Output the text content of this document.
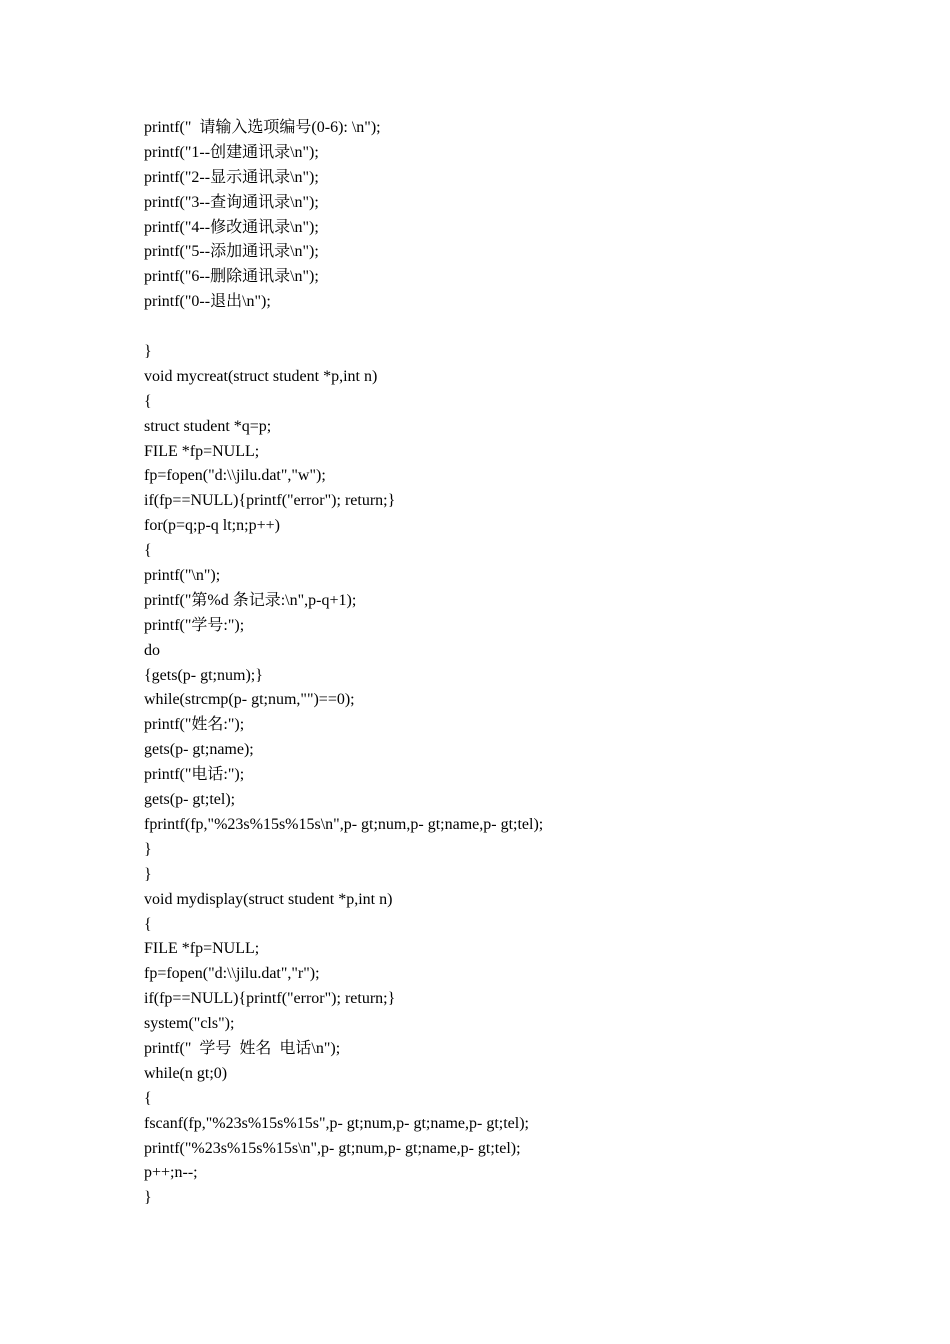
printf("  请输入选项编号(0-6): \n");
printf("1--创建通讯录\n");
printf("2--显示通讯录\n");
printf("3--查询通讯录\n");
printf("4--修改通讯录\n");
printf("5--添加通讯录\n");
printf("6--删除通讯录\n");
printf("0--退出\n");
}
void mycreat(struct student *p,int n)
{
struct student *q=p;
FILE *fp=NULL;
fp=fopen("d:\\jilu.dat","w");
if(fp==NULL){printf("error"); return;}
for(p=q;p-q lt;n;p++)
{
printf("\n");
printf("第%d 条记录:\n",p-q+1);
printf("学号:");
do
{gets(p- gt;num);}
while(strcmp(p- gt;num,"")==0);
printf("姓名:");
gets(p- gt;name);
printf("电话:");
gets(p- gt;tel);
fprintf(fp,"%23s%15s%15s\n",p- gt;num,p- gt;name,p- gt;tel);
}
}
void mydisplay(struct student *p,int n)
{
FILE *fp=NULL;
fp=fopen("d:\\jilu.dat","r");
if(fp==NULL){printf("error"); return;}
system("cls");
printf("  学号  姓名  电话\n");
while(n gt;0)
{
fscanf(fp,"%23s%15s%15s",p- gt;num,p- gt;name,p- gt;tel);
printf("%23s%15s%15s\n",p- gt;num,p- gt;name,p- gt;tel);
p++;n--;
}
